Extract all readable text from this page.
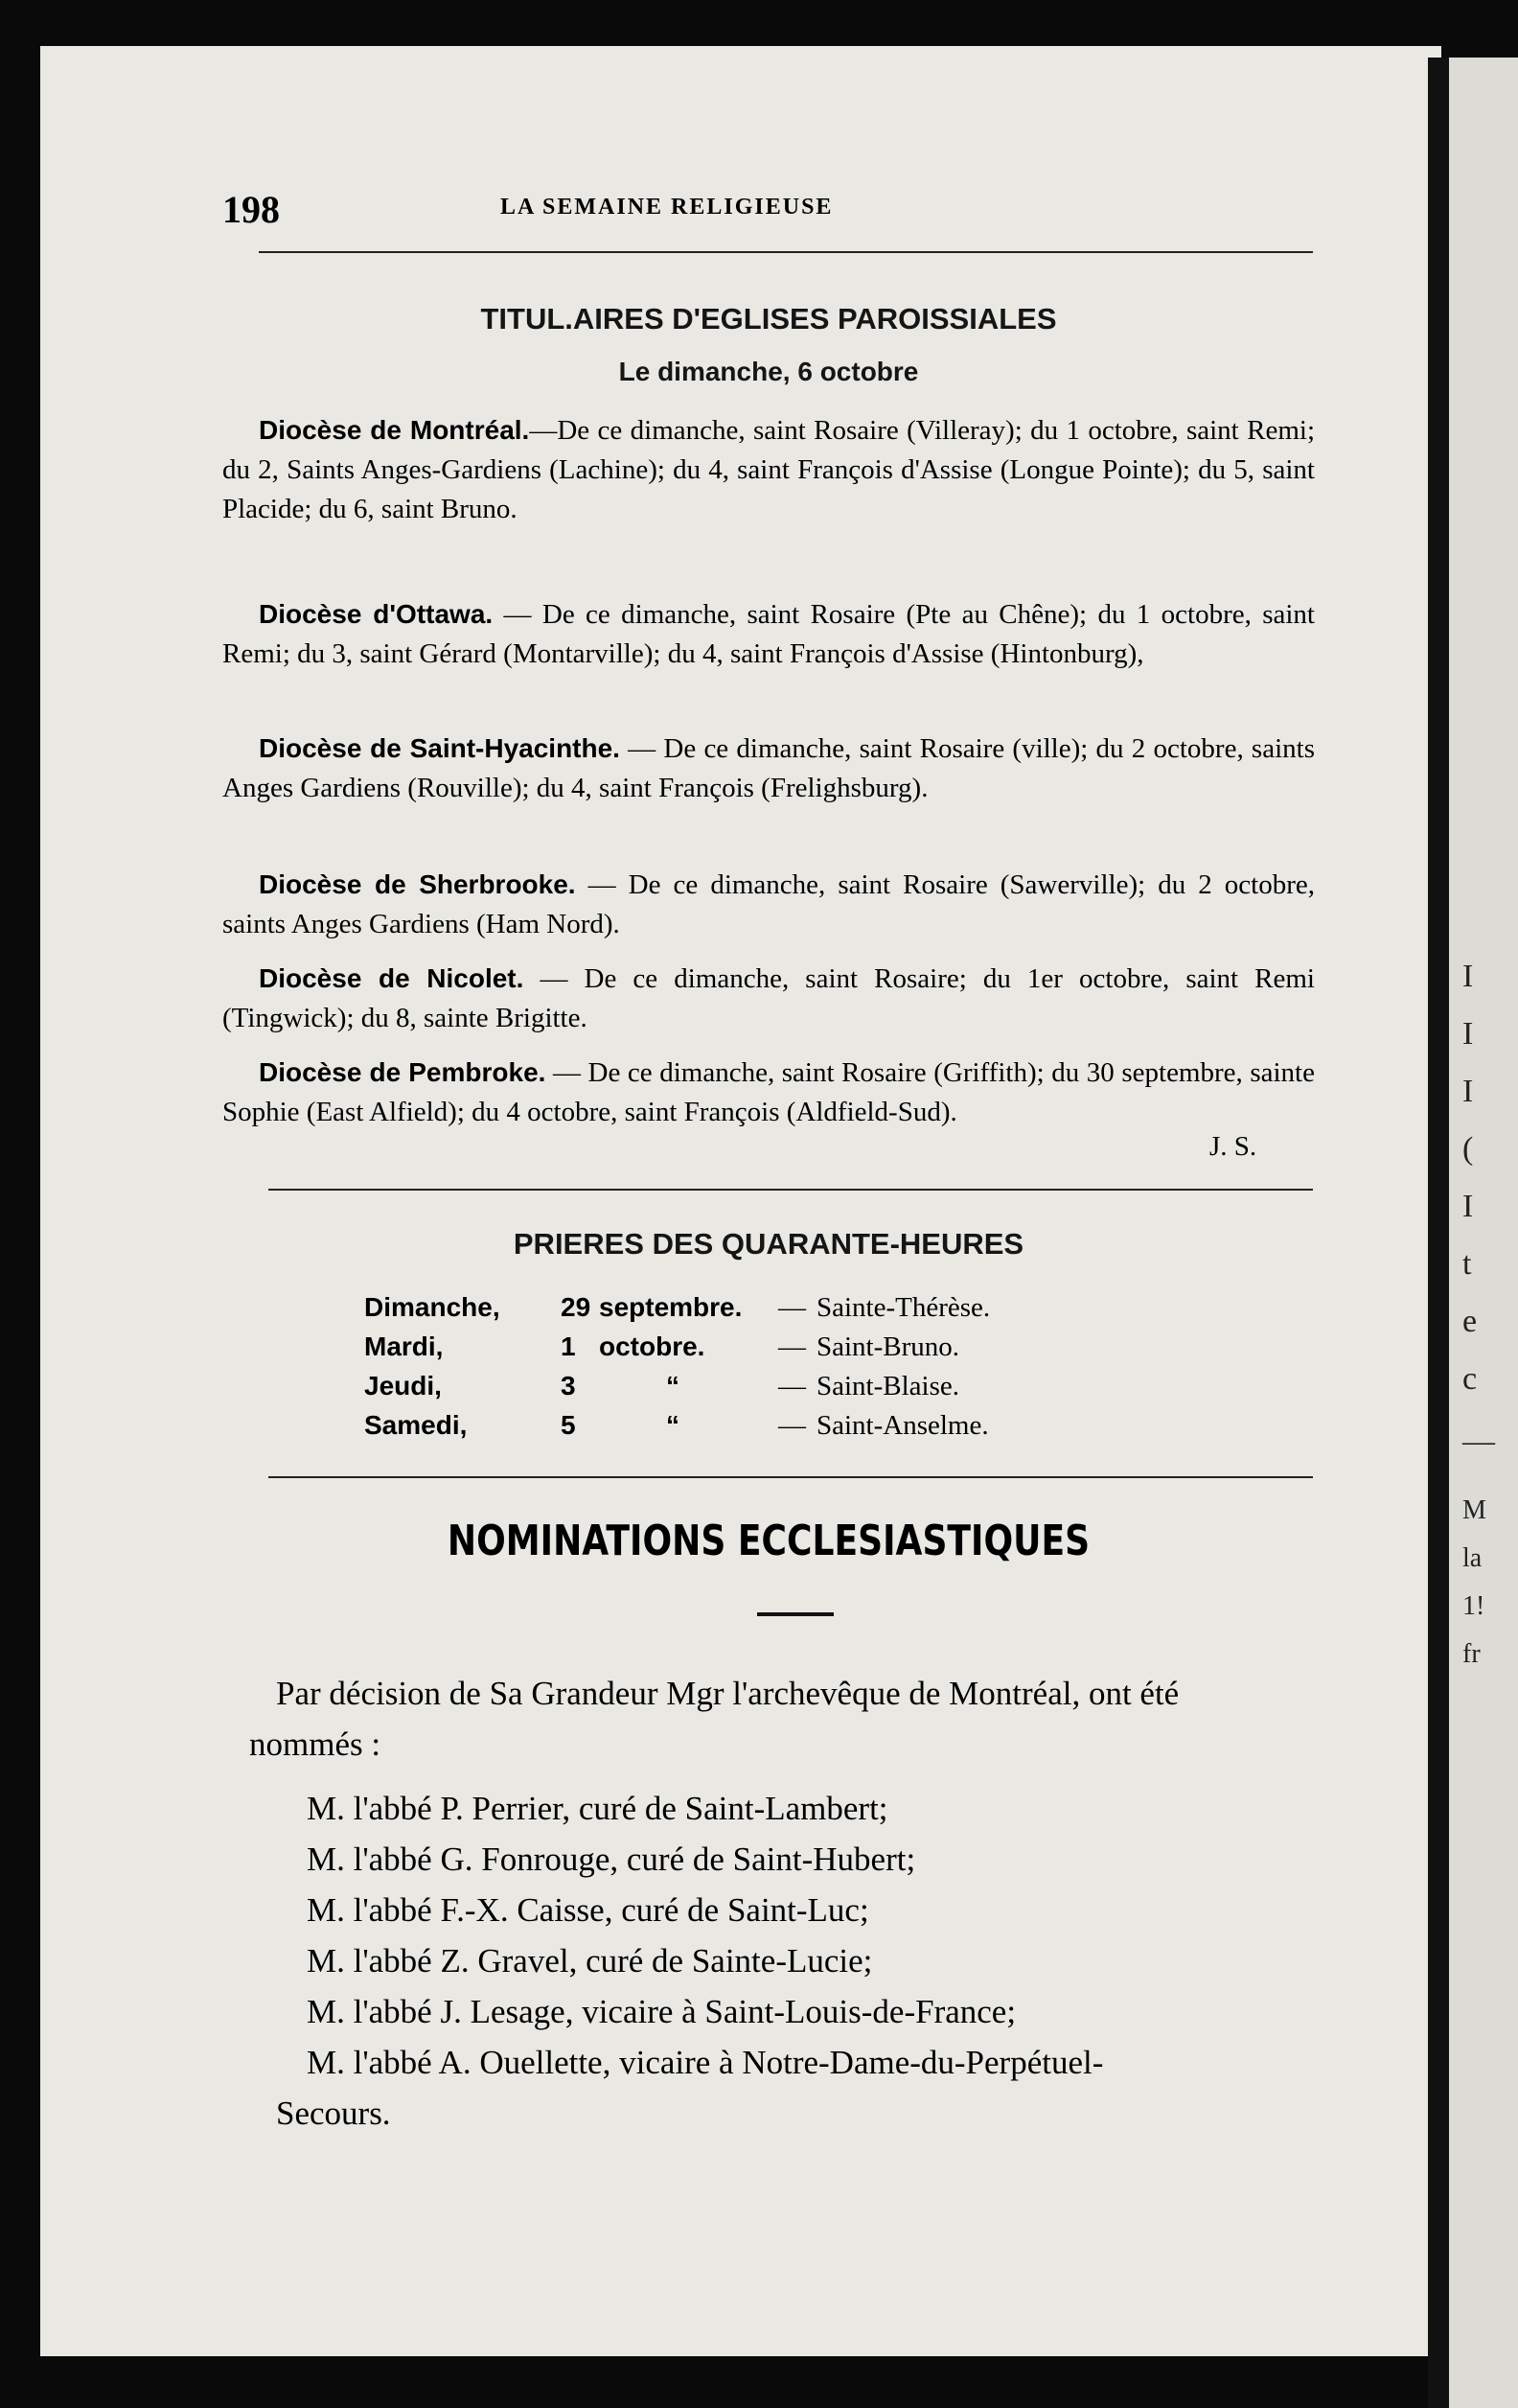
I
I
I
(
I
t
e
c
—
M
la
1!
fr
198	LA SEMAINE RELIGIEUSE
TITUL.AIRES D'EGLISES PAROISSIALES
Le dimanche, 6 octobre
Diocèse de Montréal.—De ce dimanche, saint Rosaire (Villeray); du 1 octobre, saint Remi; du 2, Saints Anges-Gardiens (Lachine); du 4, saint François d'Assise (Longue Pointe); du 5, saint Placide; du 6, saint Bruno.
Diocèse d'Ottawa. — De ce dimanche, saint Rosaire (Pte au Chêne); du 1 octobre, saint Remi; du 3, saint Gérard (Montarville); du 4, saint François d'Assise (Hintonburg),
Diocèse de Saint-Hyacinthe. — De ce dimanche, saint Rosaire (ville); du 2 octobre, saints Anges Gardiens (Rouville); du 4, saint François (Frelighsburg).
Diocèse de Sherbrooke. — De ce dimanche, saint Rosaire (Sawerville); du 2 octobre, saints Anges Gardiens (Ham Nord).
Diocèse de Nicolet. — De ce dimanche, saint Rosaire; du 1er octobre, saint Remi (Tingwick); du 8, sainte Brigitte.
Diocèse de Pembroke. — De ce dimanche, saint Rosaire (Griffith); du 30 septembre, sainte Sophie (East Alfield); du 4 octobre, saint François (Aldfield-Sud).
J. S.
PRIERES DES QUARANTE-HEURES
Dimanche, 29 septembre. — Sainte-Thérèse.
Mardi,	1 octobre.	— Saint-Bruno.
Jeudi,	3	“	— Saint-Blaise.
Samedi,	5	“	— Saint-Anselme.
NOMINATIONS ECCLESIASTIQUES
Par décision de Sa Grandeur Mgr l'archevêque de Montréal, ont été nommés :
M. l'abbé P. Perrier, curé de Saint-Lambert;
M. l'abbé G. Fonrouge, curé de Saint-Hubert;
M. l'abbé F.-X. Caisse, curé de Saint-Luc;
M. l'abbé Z. Gravel, curé de Sainte-Lucie;
M. l'abbé J. Lesage, vicaire à Saint-Louis-de-France;
M. l'abbé A. Ouellette, vicaire à Notre-Dame-du-Perpétuel-
Secours.
